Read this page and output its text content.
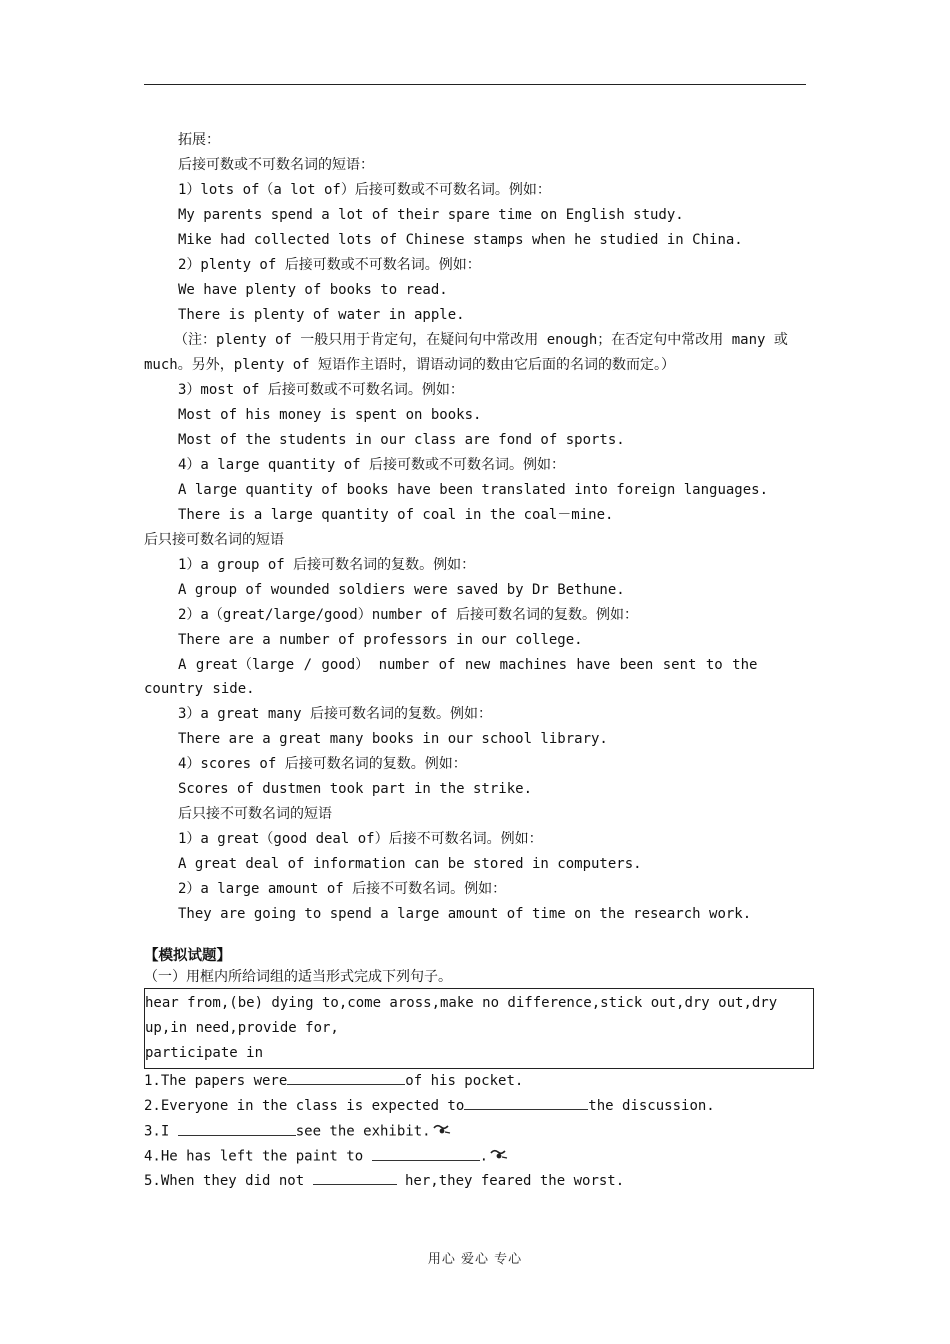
拓展：
后接可数或不可数名词的短语：
1）lots of（a lot of）后接可数或不可数名词。例如：
My parents spend a lot of their spare time on English study.
Mike had collected lots of Chinese stamps when he studied in China.
2）plenty of 后接可数或不可数名词。例如：
We have plenty of books to read.
There is plenty of water in apple.
（注：plenty of 一般只用于肯定句，在疑问句中常改用 enough；在否定句中常改用 many 或 much。另外，plenty of 短语作主语时，谓语动词的数由它后面的名词的数而定。）
3）most of 后接可数或不可数名词。例如：
Most of his money is spent on books.
Most of the students in our class are fond of sports.
4）a large quantity of 后接可数或不可数名词。例如：
A large quantity of books have been translated into foreign languages.
There is a large quantity of coal in the coal－mine.
后只接可数名词的短语
1）a group of 后接可数名词的复数。例如：
A group of wounded soldiers were saved by Dr Bethune.
2）a（great/large/good）number of 后接可数名词的复数。例如：
There are a number of professors in our college.
A great（large / good） number of new machines have been sent to the country side.
3）a great many 后接可数名词的复数。例如：
There are a great many books in our school library.
4）scores of 后接可数名词的复数。例如：
Scores of dustmen took part in the strike.
后只接不可数名词的短语
1）a great（good deal of）后接不可数名词。例如：
A great deal of information can be stored in computers.
2）a large amount of 后接不可数名词。例如：
They are going to spend a large amount of time on the research work.
【模拟试题】
（一）用框内所给词组的适当形式完成下列句子。
hear from,(be) dying to,come aross,make no difference,stick out,dry out,dry
up,in need,provide for,
participate in
1.The papers were	of his pocket.
2.Everyone in the class is expected to	the discussion.
3.I	see the exhibit.
4.He has left the paint to	.
5.When they did not	her,they feared the worst.
用心 爱心 专心
